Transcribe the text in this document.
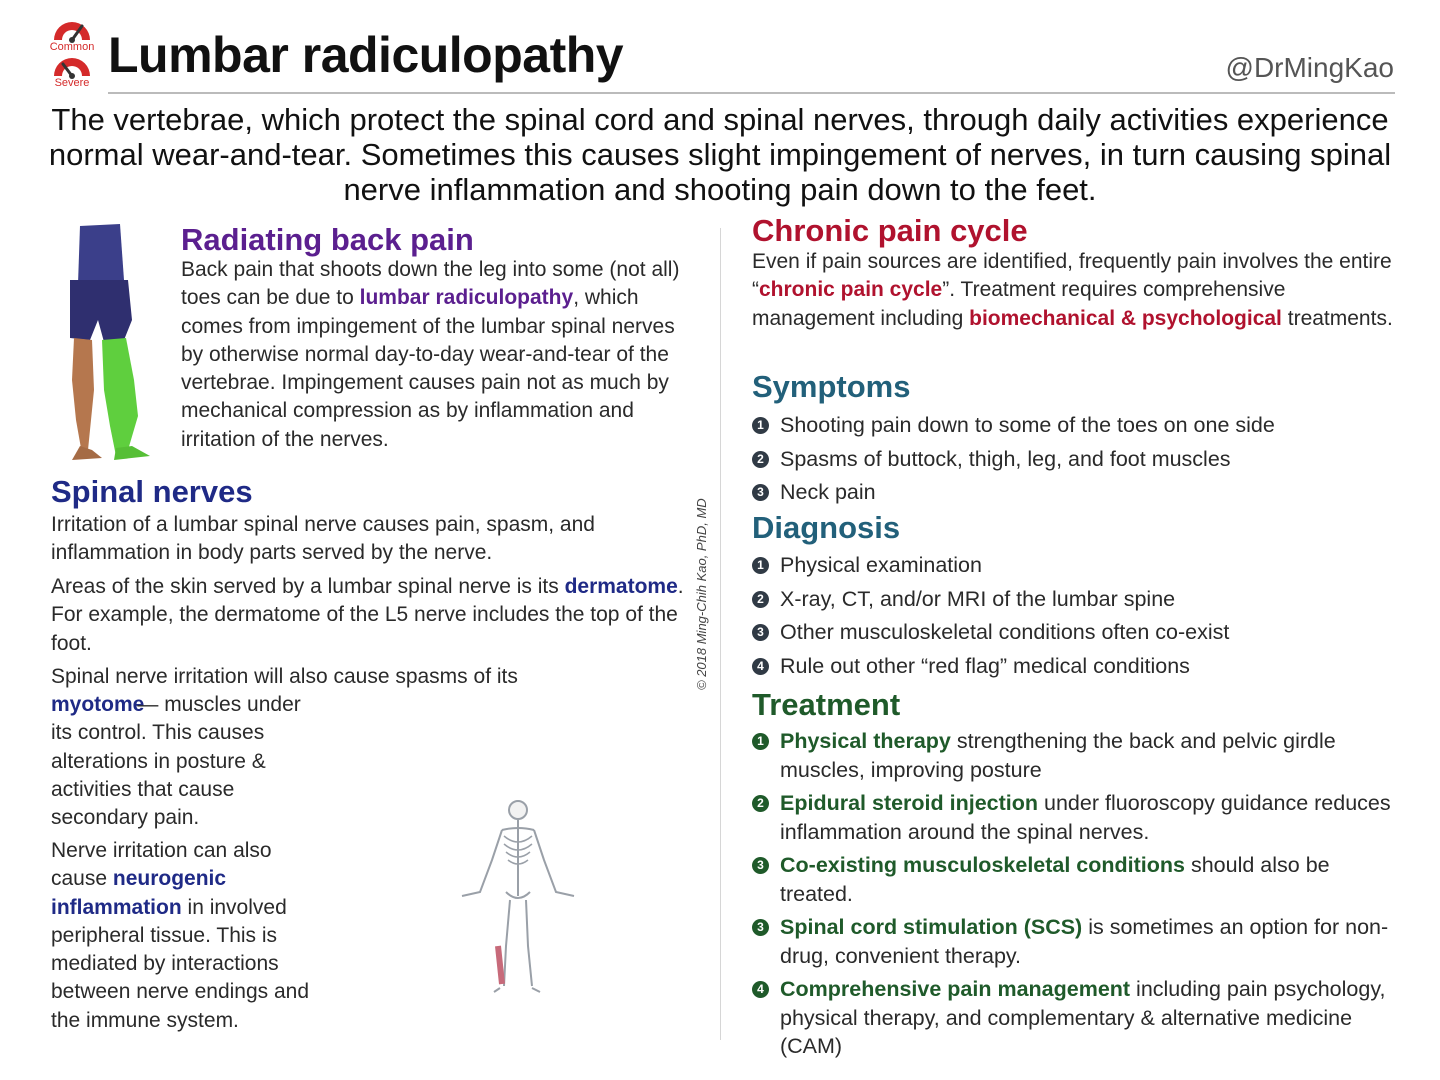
Common
Severe Lumbar radiculopathy	@DrMingKao
The vertebrae, which protect the spinal cord and spinal nerves, through daily activities experience normal wear-and-tear. Sometimes this causes slight impingement of nerves, in turn causing spinal nerve inflammation and shooting pain down to the feet.
Radiating back pain
Back pain that shoots down the leg into some (not all) toes can be due to lumbar radiculopathy, which comes from impingement of the lumbar spinal nerves by otherwise normal day-to-day wear-and-tear of the vertebrae. Impingement causes pain not as much by mechanical compression as by inflammation and irritation of the nerves.
Spinal nerves
Irritation of a lumbar spinal nerve causes pain, spasm, and inflammation in body parts served by the nerve.
Areas of the skin served by a lumbar spinal nerve is its dermatome. For example, the dermatome of the L5 nerve includes the top of the foot.
Spinal nerve irritation will also cause spasms of its myotome
— muscles under its control. This causes alterations in posture & activities that cause secondary pain.
Nerve irritation can also cause neurogenic inflammation in involved peripheral tissue. This is mediated by interactions between nerve endings and the immune system.
© 2018 Ming-Chih Kao, PhD, MD
Chronic pain cycle
Even if pain sources are identified, frequently pain involves the entire “chronic pain cycle”. Treatment requires comprehensive management including biomechanical & psychological treatments.
Symptoms
1 Shooting pain down to some of the toes on one side
2 Spasms of buttock, thigh, leg, and foot muscles
3 Neck pain
Diagnosis
1 Physical examination
2 X-ray, CT, and/or MRI of the lumbar spine
3 Other musculoskeletal conditions often co-exist
4 Rule out other “red flag” medical conditions
Treatment
1 Physical therapy strengthening the back and pelvic girdle muscles, improving posture
2 Epidural steroid injection under fluoroscopy guidance reduces inflammation around the spinal nerves.
3 Co-existing musculoskeletal conditions should also be treated.
3 Spinal cord stimulation (SCS) is sometimes an option for non-drug, convenient therapy.
4 Comprehensive pain management including pain psychology, physical therapy, and complementary & alternative medicine (CAM)
